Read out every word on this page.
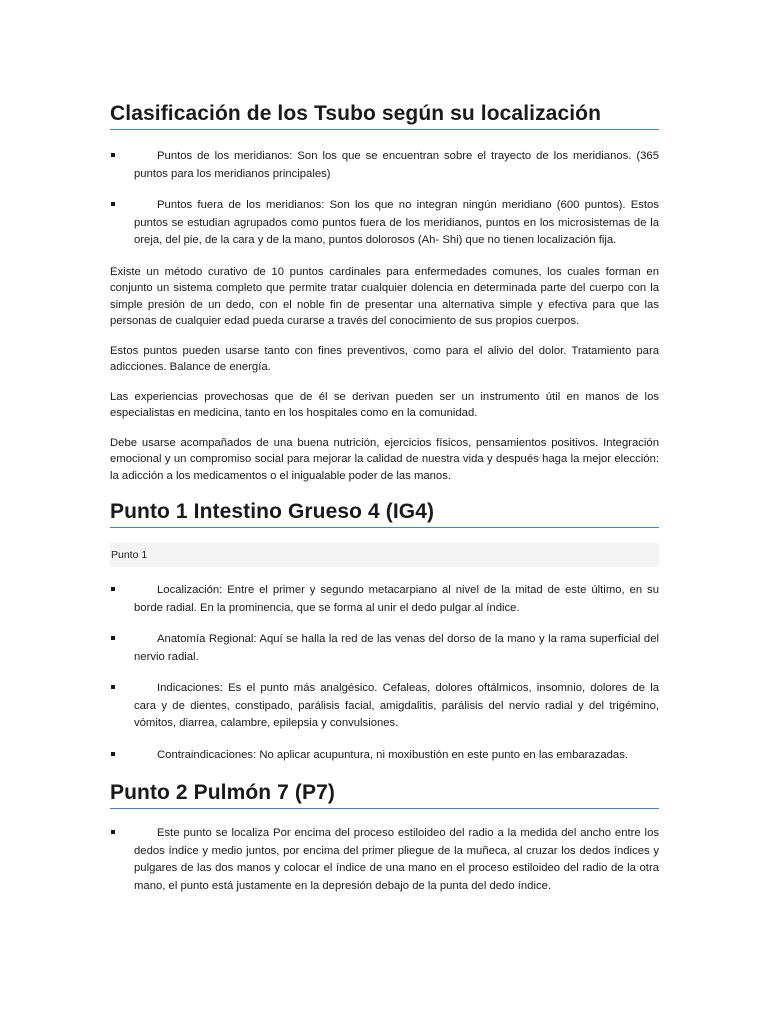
Clasificación de los Tsubo según su localización
Puntos de los meridianos: Son los que se encuentran sobre el trayecto de los meridianos. (365 puntos para los meridianos principales)
Puntos fuera de los meridianos: Son los que no integran ningún meridiano (600 puntos). Estos puntos se estudian agrupados como puntos fuera de los meridianos, puntos en los microsistemas de la oreja, del pie, de la cara y de la mano, puntos dolorosos (Ah- Shi) que no tienen localización fija.

Existe un método curativo de 10 puntos cardinales para enfermedades comunes, los cuales forman en conjunto un sistema completo que permite tratar cualquier dolencia en determinada parte del cuerpo con la simple presión de un dedo, con el noble fin de presentar una alternativa simple y efectiva para que las personas de cualquier edad pueda curarse a través del conocimiento de sus propios cuerpos.

Estos puntos pueden usarse tanto con fines preventivos, como para el alivio del dolor. Tratamiento para adicciones. Balance de energía.

Las experiencias provechosas que de él se derivan pueden ser un instrumento útil en manos de los especialistas en medicina, tanto en los hospitales como en la comunidad.

Debe usarse acompañados de una buena nutrición, ejercicios físicos, pensamientos positivos. Integración emocional y un compromiso social para mejorar la calidad de nuestra vida y después haga la mejor elección: la adicción a los medicamentos o el inigualable poder de las manos.

Punto 1 Intestino Grueso 4 (IG4)
Punto 1
Localización: Entre el primer y segundo metacarpiano al nivel de la mitad de este último, en su borde radial. En la prominencia, que se forma al unir el dedo pulgar al índice.
Anatomía Regional: Aquí se halla la red de las venas del dorso de la mano y la rama superficial del nervio radial.
Indicaciones: Es el punto más analgésico. Cefaleas, dolores oftálmicos, insomnio, dolores de la cara y de dientes, constipado, parálisis facial, amigdalitis, parálisis del nervio radial y del trigémino, vómitos, diarrea, calambre, epilepsia y convulsiones.
Contraindicaciones: No aplicar acupuntura, ni moxibustión en este punto en las embarazadas.
Punto 2 Pulmón 7 (P7)
Este punto se localiza Por encima del proceso estiloideo del radio a la medida del ancho entre los dedos índice y medio juntos, por encima del primer pliegue de la muñeca, al cruzar los dedos índices y pulgares de las dos manos y colocar el índice de una mano en el proceso estiloideo del radio de la otra mano, el punto está justamente en la depresión debajo de la punta del dedo índice.
